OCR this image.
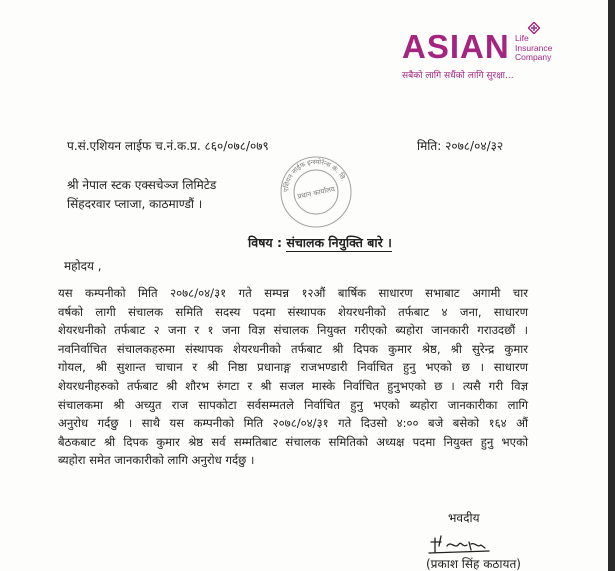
ASIAN Life
Insurance
Company
सबैको लागि सधैंको लागि सुरक्षा...
प.सं.एशियन लाईफ च.नं.क.प्र. ८६०/०७८/०७९	मिति: २०७८/०४/३२
श्री नेपाल स्टक एक्सचेञ्ज लिमिटेड
सिंहदरवार प्लाजा, काठमाण्डौं ।
एशियन लाईफ इन्स्योरेन्स कं. लि.
प्रधान कार्यालय
विषय : संचालक नियुक्ति बारे ।
महोदय ,
यस कम्पनीको मिति २०७८/०४/३१ गते सम्पन्न १२औं बार्षिक साधारण सभाबाट अगामी चार
वर्षको लागी संचालक समिति सदस्य पदमा संस्थापक शेयरधनीको तर्फबाट ४ जना, साधारण
शेयरधनीको तर्फबाट २ जना र १ जना विज्ञ संचालक नियुक्त गरीएको ब्यहोरा जानकारी गराउदछौं ।
नवनिर्वाचित संचालकहरुमा संस्थापक शेयरधनीको तर्फबाट श्री दिपक कुमार श्रेष्ठ, श्री सुरेन्द्र कुमार
गोयल, श्री सुशान्त चाचान र श्री निष्ठा प्रधानाङ्ग राजभण्डारी निर्वाचित हुनु भएको छ । साधारण
शेयरधनीहरुको तर्फबाट श्री शौरभ रुंगटा र श्री सजल मास्के निर्वाचित हुनुभएको छ । त्यसै गरी विज्ञ
संचालकमा श्री अच्युत राज सापकोटा सर्वसम्मतले निर्वाचित हुनु भएको ब्यहोरा जानकारीका लागि
अनुरोध गर्दछु । साथै यस कम्पनीको मिति २०७८/०४/३१ गते दिउसो ४:०० बजे बसेको १६४ औं
बैठकबाट श्री दिपक कुमार श्रेष्ठ सर्व सम्मतिबाट संचालक समितिको अध्यक्ष पदमा नियुक्त हुनु भएको
ब्यहोरा समेत जानकारीको लागि अनुरोध गर्दछु ।
भवदीय
(प्रकाश सिंह कठायत)
